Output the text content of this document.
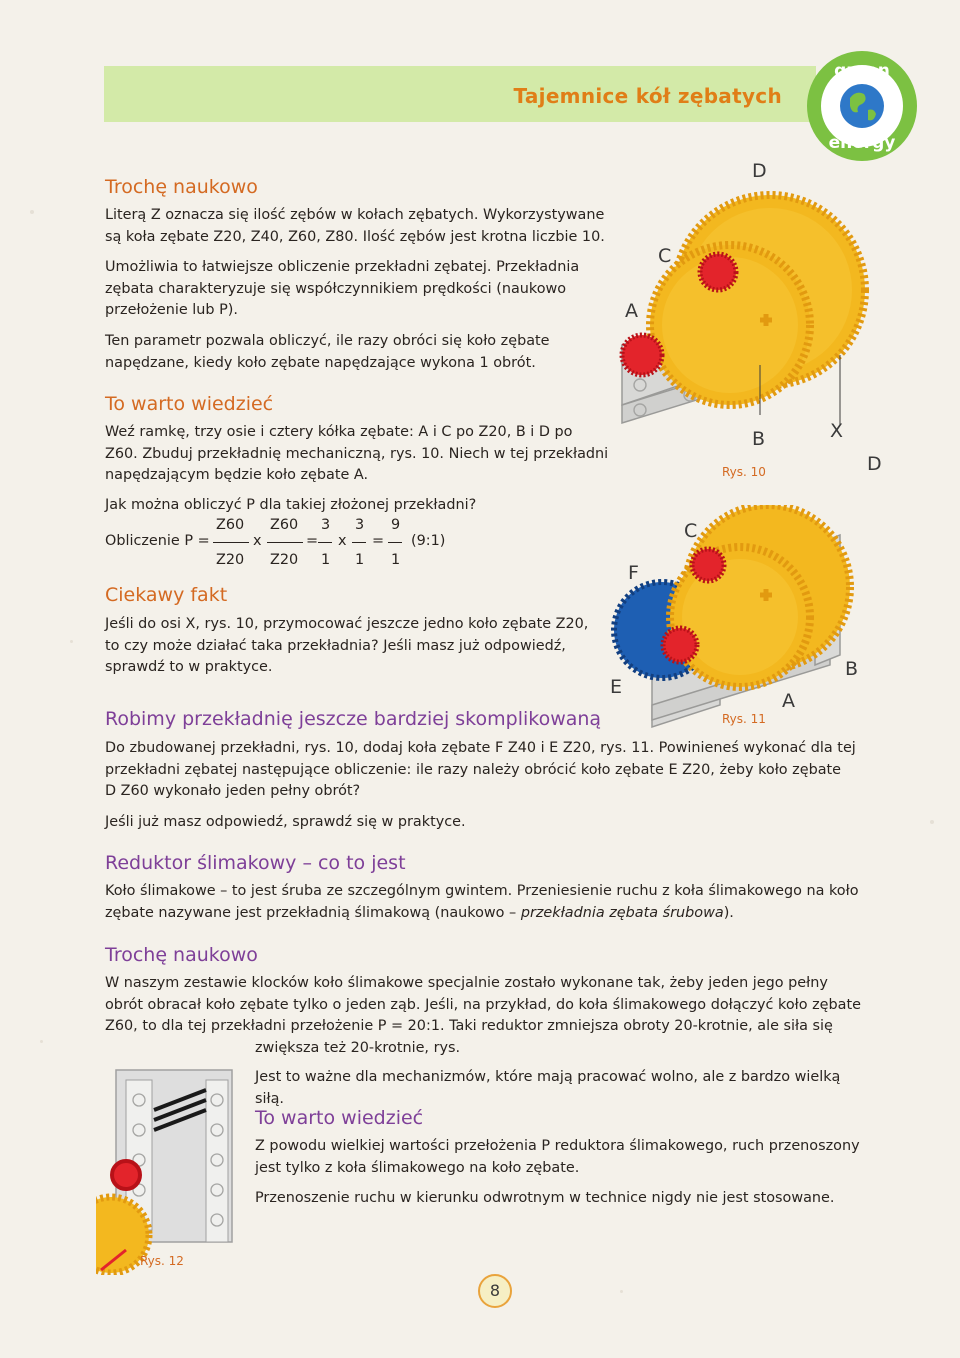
Tajemnice kół zębatych
green
energy
Trochę naukowo
Literą Z oznacza się ilość zębów w kołach zębatych. Wykorzystywane
są koła zębate Z20, Z40, Z60, Z80. Ilość zębów jest krotna liczbie 10.
Umożliwia to łatwiejsze obliczenie przekładni zębatej. Przekładnia
zębata charakteryzuje się współczynnikiem prędkości (naukowo
przełożenie lub P).
Ten parametr pozwala obliczyć, ile razy obróci się koło zębate
napędzane, kiedy koło zębate napędzające wykona 1 obrót.
To warto wiedzieć
Weź ramkę, trzy osie i cztery kółka zębate: A i C po Z20, B i D po
Z60. Zbuduj przekładnię mechaniczną, rys. 10. Niech w tej przekładni
napędzającym będzie koło zębate A.
Jak można obliczyć P dla takiej złożonej przekładni?
Obliczenie P =
Z60
Z20
x
Z60
Z20
=
3
1
x
3
1
=
9
1
(9:1)
Ciekawy fakt
Jeśli do osi X, rys. 10, przymocować jeszcze jedno koło zębate Z20,
to czy może działać taka przekładnia? Jeśli masz już odpowiedź,
sprawdź to w praktyce.
A
C
D
B	X
D
Rys. 10
C
F
E
A
B
Rys. 11
Robimy przekładnię jeszcze bardziej skomplikowaną
Do zbudowanej przekładni, rys. 10, dodaj koła zębate F Z40 i E Z20, rys. 11. Powinieneś wykonać dla tej
przekładni zębatej następujące obliczenie: ile razy należy obrócić koło zębate E Z20, żeby koło zębate
D Z60 wykonało jeden pełny obrót?
Jeśli już masz odpowiedź, sprawdź się w praktyce.
Reduktor ślimakowy – co to jest
Koło ślimakowe – to jest śruba ze szczególnym gwintem. Przeniesienie ruchu z koła ślimakowego na koło
zębate nazywane jest przekładnią ślimakową (naukowo – przekładnia zębata śrubowa).
Trochę naukowo
W naszym zestawie klocków koło ślimakowe specjalnie zostało wykonane tak, żeby jeden jego pełny
obrót obracał koło zębate tylko o jeden ząb. Jeśli, na przykład, do koła ślimakowego dołączyć koło zębate
Z60, to dla tej przekładni przełożenie P = 20:1. Taki reduktor zmniejsza obroty 20-krotnie, ale siła się
zwiększa też 20-krotnie, rys.
Jest to ważne dla mechanizmów, które mają pracować wolno, ale z bardzo wielką siłą.
To warto wiedzieć
Z powodu wielkiej wartości przełożenia P reduktora ślimakowego, ruch przenoszony
jest tylko z koła ślimakowego na koło zębate.
Przenoszenie ruchu w kierunku odwrotnym w technice nigdy nie jest stosowane.
Rys. 12
8
